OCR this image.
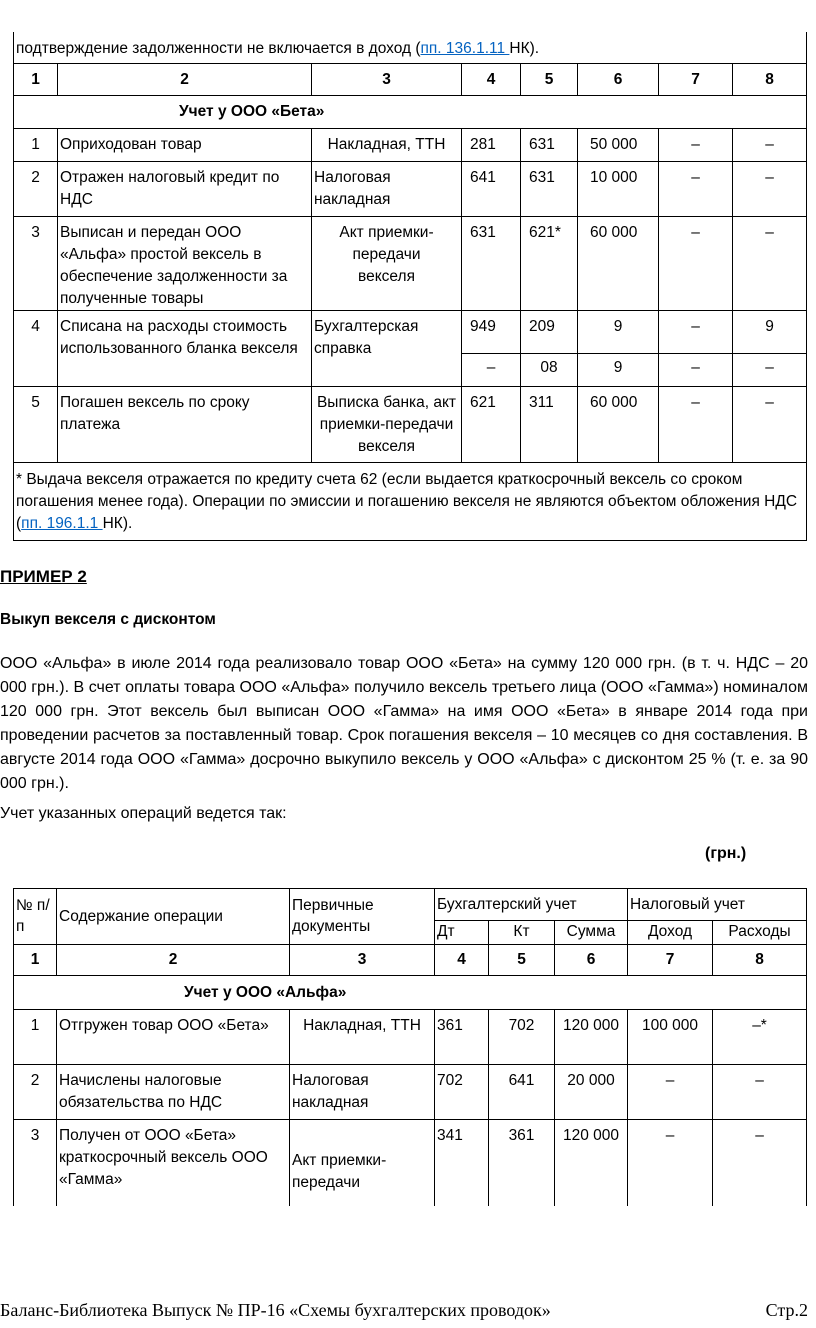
подтверждение задолженности не включается в доход (пп. 136.1.11 НК).							
1	2	3	4	5	6	7	8
Учет у ООО «Бета»							
1	Оприходован товар	Накладная, ТТН	281	631	50 000	–	–
2	Отражен налоговый кредит по НДС	Налоговая накладная	641	631	10 000	–	–
3	Выписан и передан ООО «Альфа» простой вексель в обеспечение задолженности за полученные товары	Акт приемки-передачи векселя	631	621*	60 000	–	–
4	Списана на расходы стоимость использованного бланка векселя	Бухгалтерская справка	949	209	9	–	9
			–	08	9	–	–
5	Погашен вексель по сроку платежа	Выписка банка, акт приемки-передачи векселя	621	311	60 000	–	–
* Выдача векселя отражается по кредиту счета 62 (если выдается краткосрочный вексель со сроком погашения менее года). Операции по эмиссии и погашению векселя не являются объектом обложения НДС (пп. 196.1.1 НК).							
ПРИМЕР 2
Выкуп векселя с дисконтом
ООО «Альфа» в июле 2014 года реализовало товар ООО «Бета» на сумму 120 000 грн. (в т. ч. НДС – 20 000 грн.). В счет оплаты товара ООО «Альфа» получило вексель третьего лица (ООО «Гамма») номиналом 120 000 грн. Этот вексель был выписан ООО «Гамма» на имя ООО «Бета» в январе 2014 года при проведении расчетов за поставленный товар. Срок погашения векселя – 10 месяцев со дня составления. В августе 2014 года ООО «Гамма» досрочно выкупило вексель у ООО «Альфа» с дисконтом 25 % (т. е. за 90 000 грн.).
Учет указанных операций ведется так:
(грн.)
№ п/п	Содержание операции	Первичные документы	Бухгалтерский учет			Налоговый учет	
			Дт	Кт	Сумма	Доход	Расходы
1	2	3	4	5	6	7	8
Учет у ООО «Альфа»							
1	Отгружен товар ООО «Бета»	Накладная, ТТН	361	702	120 000	100 000	–*
2	Начислены налоговые обязательства по НДС	Налоговая накладная	702	641	20 000	–	–
3	Получен от ООО «Бета» краткосрочный вексель ООО «Гамма»	Акт приемки-передачи	341	361	120 000	–	–
Баланс-Библиотека Выпуск № ПР-16 «Схемы бухгалтерских проводок»	Стр.2
